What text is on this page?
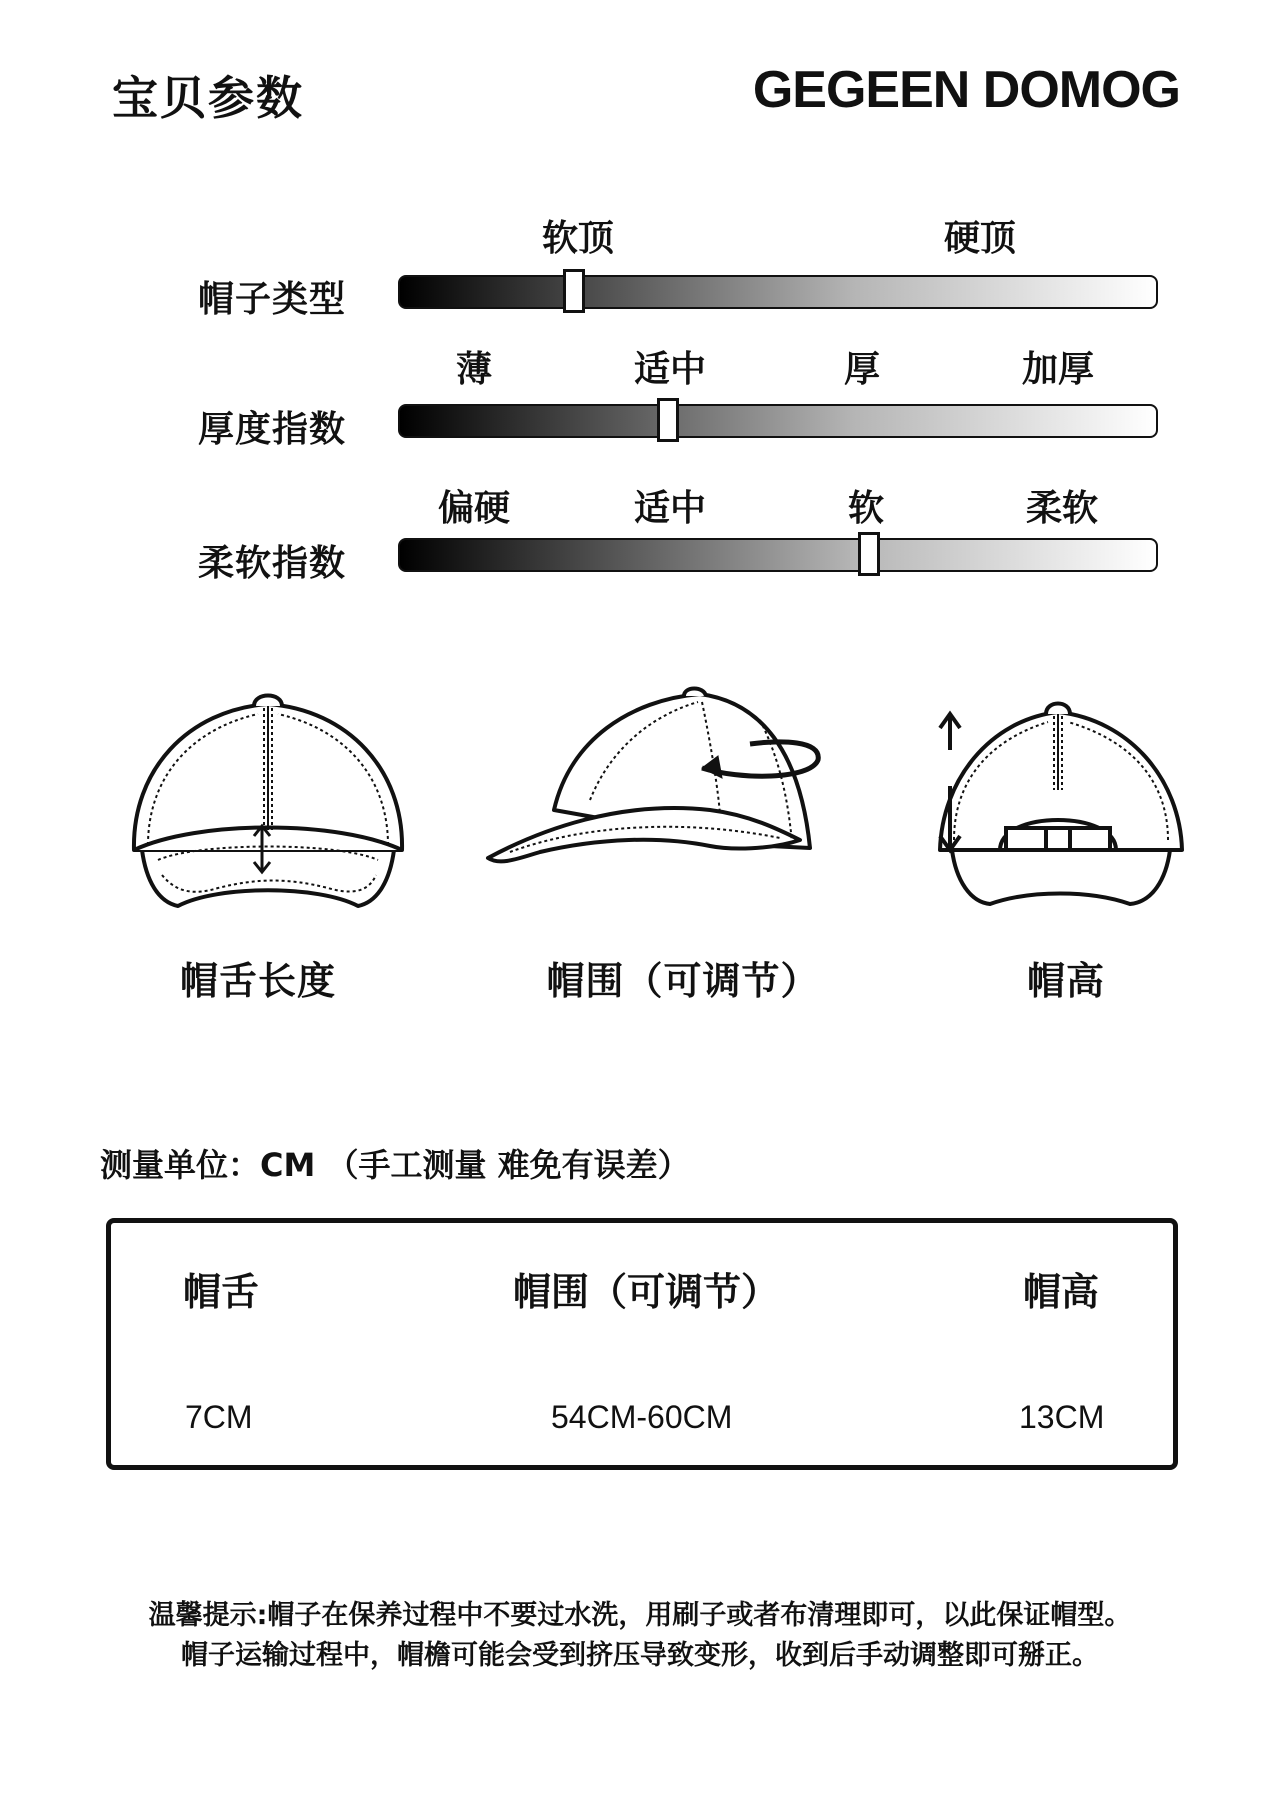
宝贝参数	GEGEEN DOMOG
软顶	硬顶
帽子类型
薄	适中	厚	加厚
厚度指数
偏硬	适中	软	柔软
柔软指数
帽舌长度	帽围（可调节）	帽高
测量单位：CM （手工测量 难免有误差）
帽舌	帽围（可调节）	帽高
7CM	54CM-60CM	13CM
温馨提示:帽子在保养过程中不要过水洗，用刷子或者布清理即可，以此保证帽型。
帽子运输过程中，帽檐可能会受到挤压导致变形，收到后手动调整即可掰正。
